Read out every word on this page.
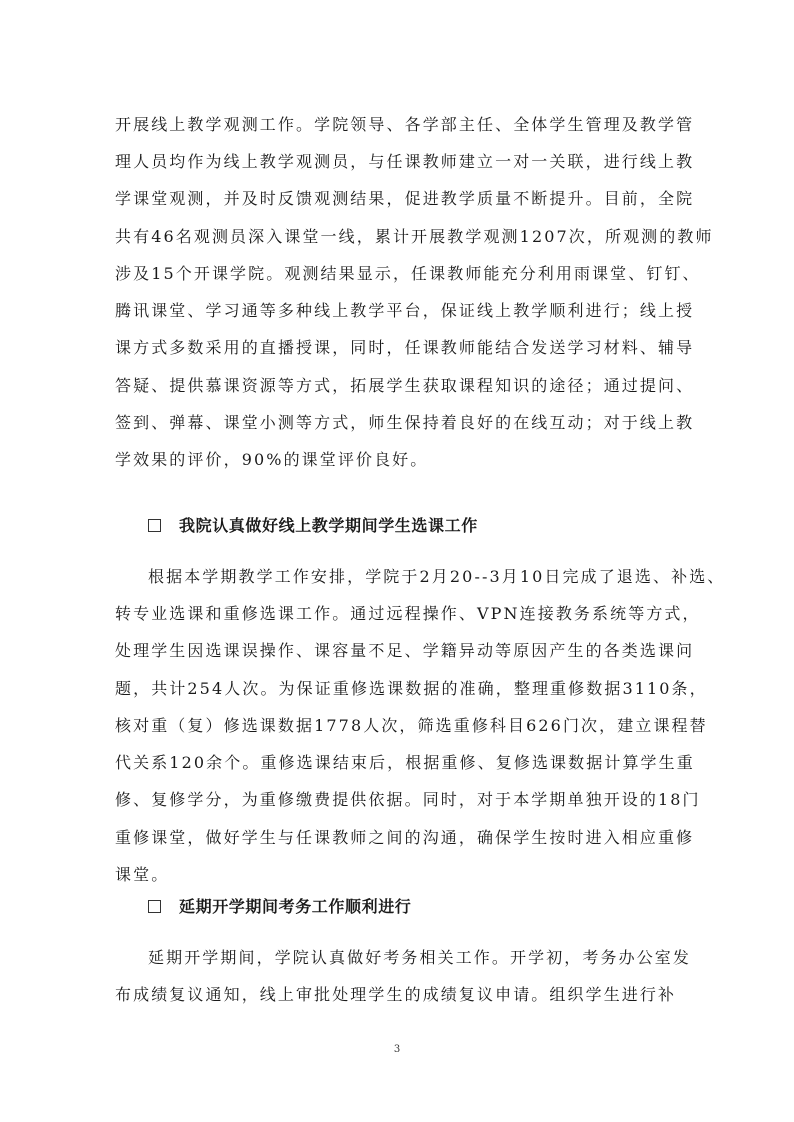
开展线上教学观测工作。学院领导、各学部主任、全体学生管理及教学管
理人员均作为线上教学观测员，与任课教师建立一对一关联，进行线上教
学课堂观测，并及时反馈观测结果，促进教学质量不断提升。目前，全院
共有46名观测员深入课堂一线，累计开展教学观测1207次，所观测的教师
涉及15个开课学院。观测结果显示，任课教师能充分利用雨课堂、钉钉、
腾讯课堂、学习通等多种线上教学平台，保证线上教学顺利进行；线上授
课方式多数采用的直播授课，同时，任课教师能结合发送学习材料、辅导
答疑、提供慕课资源等方式，拓展学生获取课程知识的途径；通过提问、
签到、弹幕、课堂小测等方式，师生保持着良好的在线互动；对于线上教
学效果的评价，90%的课堂评价良好。
我院认真做好线上教学期间学生选课工作
根据本学期教学工作安排，学院于2月20--3月10日完成了退选、补选、
转专业选课和重修选课工作。通过远程操作、VPN连接教务系统等方式，
处理学生因选课误操作、课容量不足、学籍异动等原因产生的各类选课问
题，共计254人次。为保证重修选课数据的准确，整理重修数据3110条，
核对重（复）修选课数据1778人次，筛选重修科目626门次，建立课程替
代关系120余个。重修选课结束后，根据重修、复修选课数据计算学生重
修、复修学分，为重修缴费提供依据。同时，对于本学期单独开设的18门
重修课堂，做好学生与任课教师之间的沟通，确保学生按时进入相应重修
课堂。
延期开学期间考务工作顺利进行
延期开学期间，学院认真做好考务相关工作。开学初，考务办公室发
布成绩复议通知，线上审批处理学生的成绩复议申请。组织学生进行补
3
